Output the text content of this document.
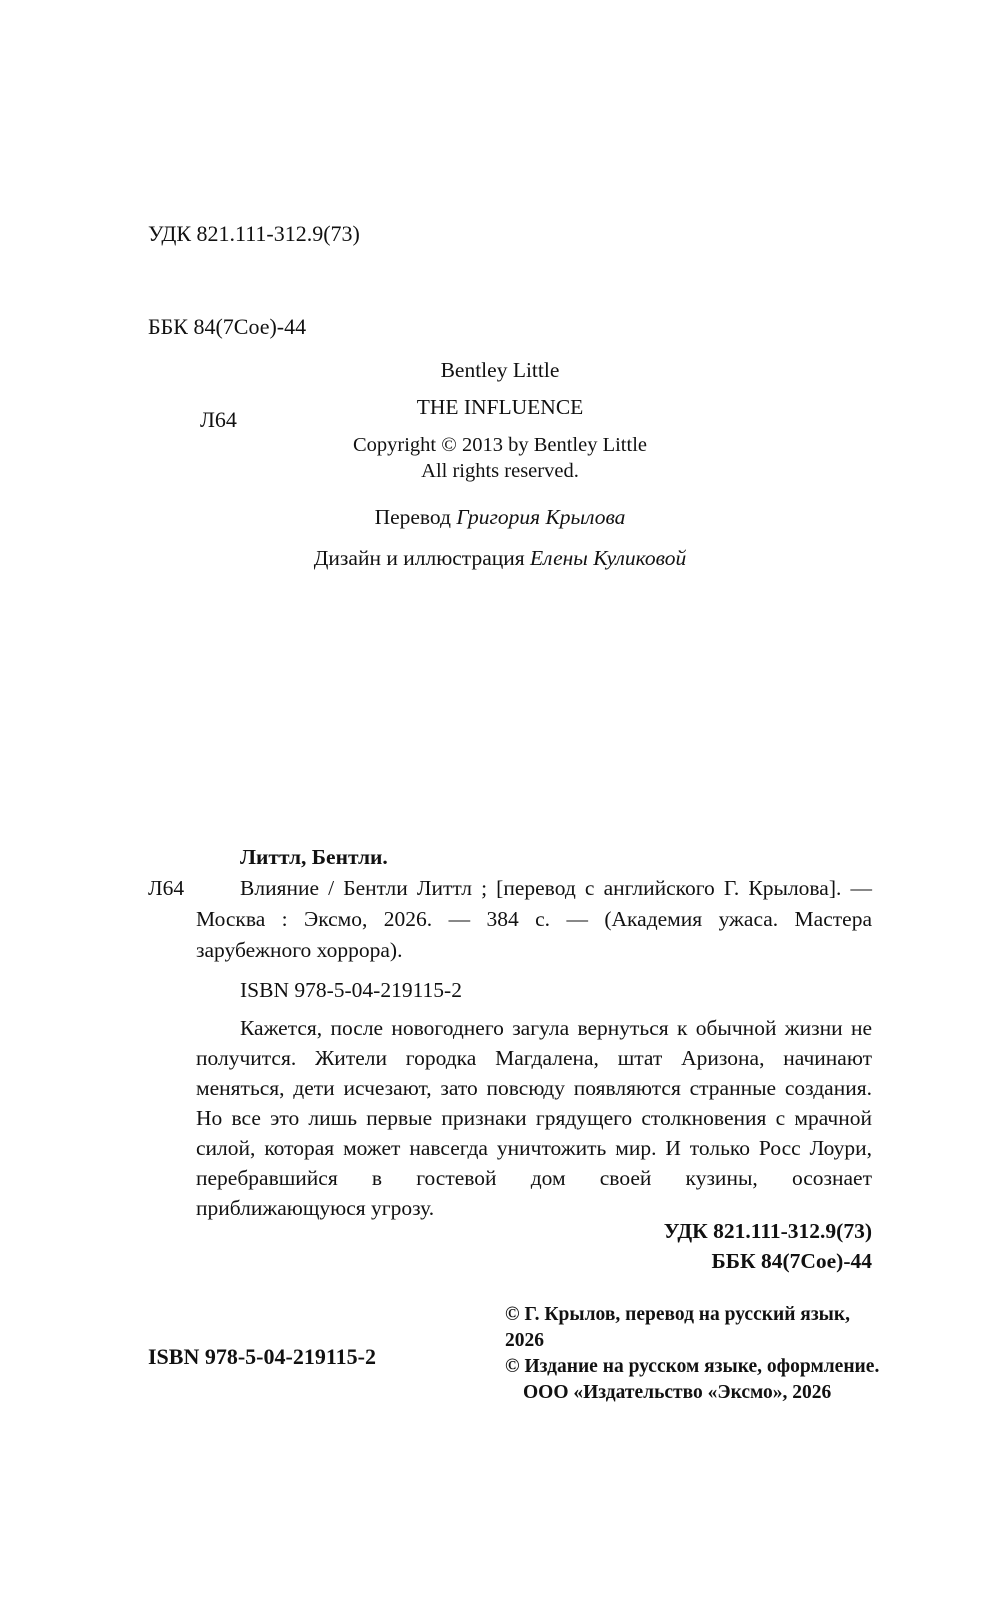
УДК 821.111-312.9(73)

ББК 84(7Сое)-44

Л64

Bentley Little
THE INFLUENCE
Copyright © 2013 by Bentley Little
All rights reserved.
Перевод Григория Крылова
Дизайн и иллюстрация Елены Куликовой
Литтл, Бентли.
Л64	Влияние / Бентли Литтл ; [перевод с английского Г. Крылова]. — Москва : Эксмо, 2026. — 384 с. — (Академия ужаса. Мастера зарубежного хоррора).

ISBN 978-5-04-219115-2

Кажется, после новогоднего загула вернуться к обычной жизни не получится. Жители городка Магдалена, штат Аризона, начинают меняться, дети исчезают, зато повсюду появляются странные создания. Но все это лишь первые признаки грядущего столкновения с мрачной силой, которая может навсегда уничтожить мир. И только Росс Лоури, перебравшийся в гостевой дом своей кузины, осознает приближающуюся угрозу.

УДК 821.111-312.9(73)
ББК 84(7Сое)-44
ISBN 978-5-04-219115-2
© Г. Крылов, перевод на русский язык, 2026
© Издание на русском языке, оформление.
ООО «Издательство «Эксмо», 2026
